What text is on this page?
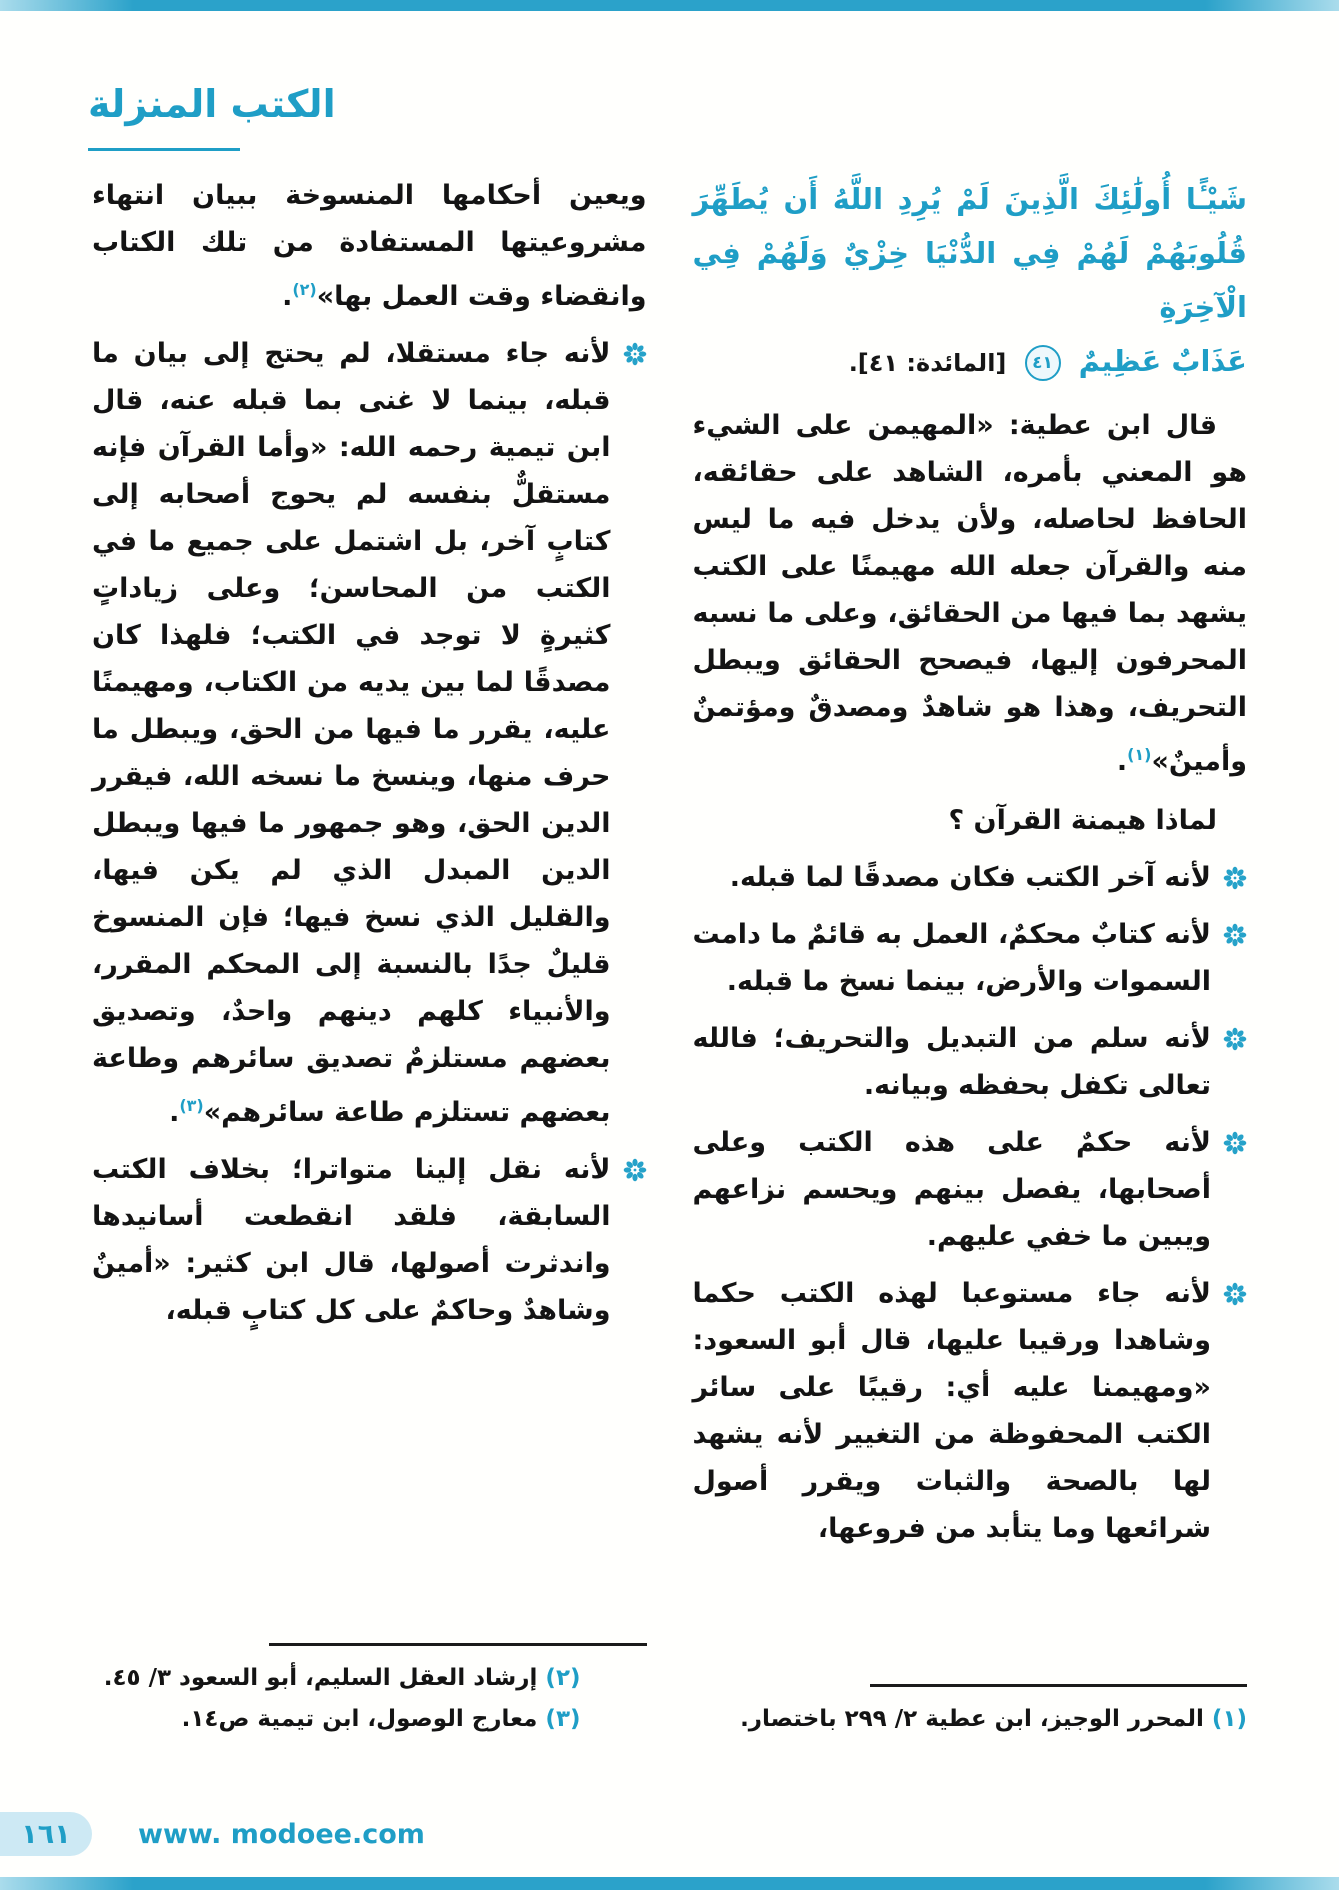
الكتب المنزلة
شَيْـًٔا أُولَٰئِكَ الَّذِينَ لَمْ يُرِدِ اللَّهُ أَن يُطَهِّرَ
قُلُوبَهُمْ لَهُمْ فِي الدُّنْيَا خِزْيٌ وَلَهُمْ فِي الْآخِرَةِ
عَذَابٌ عَظِيمٌ
٤١
[المائدة: ٤١].

قال ابن عطية: «المهيمن على الشيء هو المعني بأمره، الشاهد على حقائقه، الحافظ لحاصله، ولأن يدخل فيه ما ليس منه والقرآن جعله الله مهيمنًا على الكتب يشهد بما فيها من الحقائق، وعلى ما نسبه المحرفون إليها، فيصحح الحقائق ويبطل التحريف، وهذا هو شاهدٌ ومصدقٌ ومؤتمنٌ وأمينٌ»$^{(١)}$.

لماذا هيمنة القرآن ؟

لأنه آخر الكتب فكان مصدقًا لما قبله.

لأنه كتابٌ محكمٌ، العمل به قائمٌ ما دامت السموات والأرض، بينما نسخ ما قبله.

لأنه سلم من التبديل والتحريف؛ فالله تعالى تكفل بحفظه وبيانه.

لأنه حكمٌ على هذه الكتب وعلى أصحابها، يفصل بينهم ويحسم نزاعهم ويبين ما خفي عليهم.

لأنه جاء مستوعبا لهذه الكتب حكما وشاهدا ورقيبا عليها، قال أبو السعود: «ومهيمنا عليه أي: رقيبًا على سائر الكتب المحفوظة من التغيير لأنه يشهد لها بالصحة والثبات ويقرر أصول شرائعها وما يتأبد من فروعها،

(١) المحرر الوجيز، ابن عطية ٢/ ٢٩٩ باختصار.

ويعين أحكامها المنسوخة ببيان انتهاء مشروعيتها المستفادة من تلك الكتاب وانقضاء وقت العمل بها»$^{(٢)}$.

لأنه جاء مستقلا، لم يحتج إلى بيان ما قبله، بينما لا غنى بما قبله عنه، قال ابن تيمية رحمه الله: «وأما القرآن فإنه مستقلٌّ بنفسه لم يحوج أصحابه إلى كتابٍ آخر، بل اشتمل على جميع ما في الكتب من المحاسن؛ وعلى زياداتٍ كثيرةٍ لا توجد في الكتب؛ فلهذا كان مصدقًا لما بين يديه من الكتاب، ومهيمنًا عليه، يقرر ما فيها من الحق، ويبطل ما حرف منها، وينسخ ما نسخه الله، فيقرر الدين الحق، وهو جمهور ما فيها ويبطل الدين المبدل الذي لم يكن فيها، والقليل الذي نسخ فيها؛ فإن المنسوخ قليلٌ جدًا بالنسبة إلى المحكم المقرر، والأنبياء كلهم دينهم واحدٌ، وتصديق بعضهم مستلزمٌ تصديق سائرهم وطاعة بعضهم تستلزم طاعة سائرهم»$^{(٣)}$.

لأنه نقل إلينا متواترا؛ بخلاف الكتب السابقة، فلقد انقطعت أسانيدها واندثرت أصولها، قال ابن كثير: «أمينٌ وشاهدٌ وحاكمٌ على كل كتابٍ قبله،

(٢) إرشاد العقل السليم، أبو السعود ٣/ ٤٥.
(٣) معارج الوصول، ابن تيمية ص١٤.
١٦١	www. modoee.com
